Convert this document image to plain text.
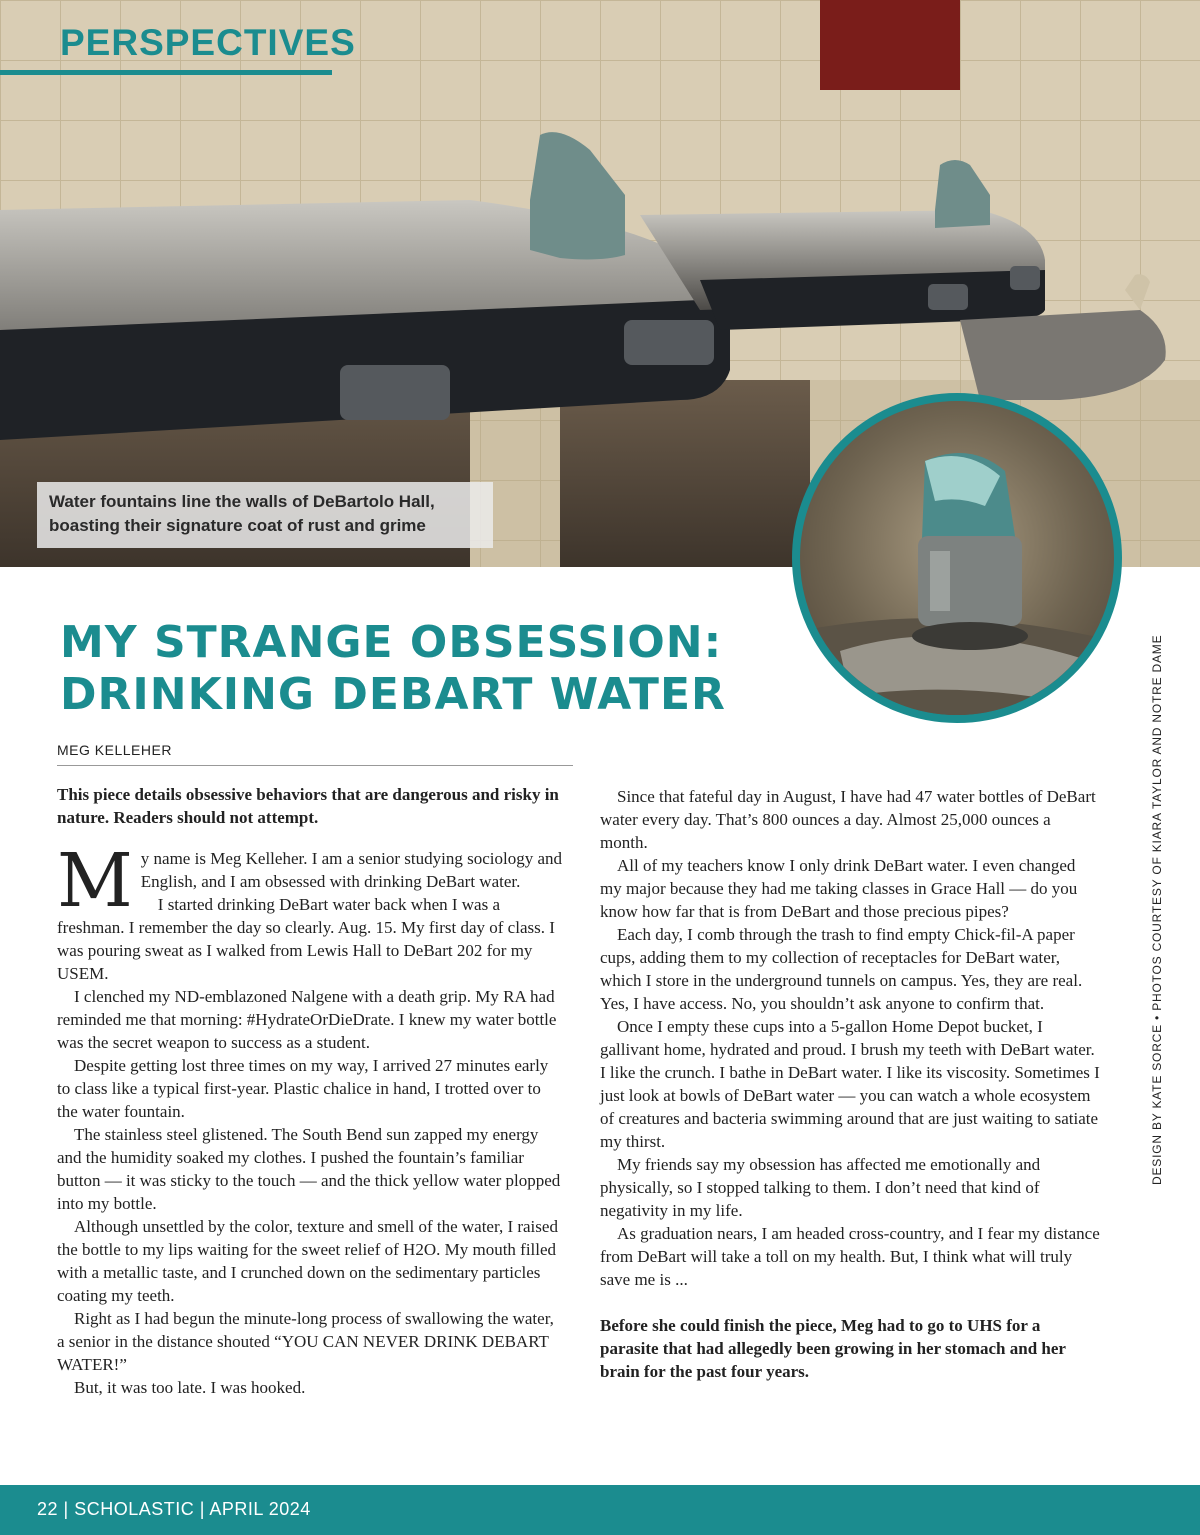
PERSPECTIVES
Water fountains line the walls of DeBartolo Hall, boasting their signature coat of rust and grime
MY STRANGE OBSESSION: DRINKING DEBART WATER
MEG KELLEHER

This piece details obsessive behaviors that are dangerous and risky in nature. Readers should not attempt.

My name is Meg Kelleher. I am a senior studying sociology and English, and I am obsessed with drinking DeBart water.

I started drinking DeBart water back when I was a freshman. I remember the day so clearly. Aug. 15. My first day of class. I was pouring sweat as I walked from Lewis Hall to DeBart 202 for my USEM.

I clenched my ND-emblazoned Nalgene with a death grip. My RA had reminded me that morning: #HydrateOrDieDrate. I knew my water bottle was the secret weapon to success as a student.

Despite getting lost three times on my way, I arrived 27 minutes early to class like a typical first-year. Plastic chalice in hand, I trotted over to the water fountain.

The stainless steel glistened. The South Bend sun zapped my energy and the humidity soaked my clothes. I pushed the fountain’s familiar button — it was sticky to the touch — and the thick yellow water plopped into my bottle.

Although unsettled by the color, texture and smell of the water, I raised the bottle to my lips waiting for the sweet relief of H2O. My mouth filled with a metallic taste, and I crunched down on the sedimentary particles coating my teeth.

Right as I had begun the minute-long process of swallowing the water, a senior in the distance shouted “YOU CAN NEVER DRINK DEBART WATER!”

But, it was too late. I was hooked.

Since that fateful day in August, I have had 47 water bottles of DeBart water every day. That’s 800 ounces a day. Almost 25,000 ounces a month.

All of my teachers know I only drink DeBart water. I even changed my major because they had me taking classes in Grace Hall — do you know how far that is from DeBart and those precious pipes?

Each day, I comb through the trash to find empty Chick-fil-A paper cups, adding them to my collection of receptacles for DeBart water, which I store in the underground tunnels on campus. Yes, they are real. Yes, I have access. No, you shouldn’t ask anyone to confirm that.

Once I empty these cups into a 5-gallon Home Depot bucket, I gallivant home, hydrated and proud. I brush my teeth with DeBart water. I like the crunch. I bathe in DeBart water. I like its viscosity. Sometimes I just look at bowls of DeBart water — you can watch a whole ecosystem of creatures and bacteria swimming around that are just waiting to satiate my thirst.

My friends say my obsession has affected me emotionally and physically, so I stopped talking to them. I don’t need that kind of negativity in my life.

As graduation nears, I am headed cross-country, and I fear my distance from DeBart will take a toll on my health. But, I think what will truly save me is ...

Before she could finish the piece, Meg had to go to UHS for a parasite that had allegedly been growing in her stomach and her brain for the past four years.

DESIGN BY KATE SORCE • PHOTOS COURTESY OF KIARA TAYLOR AND NOTRE DAME
22 | SCHOLASTIC | APRIL 2024
